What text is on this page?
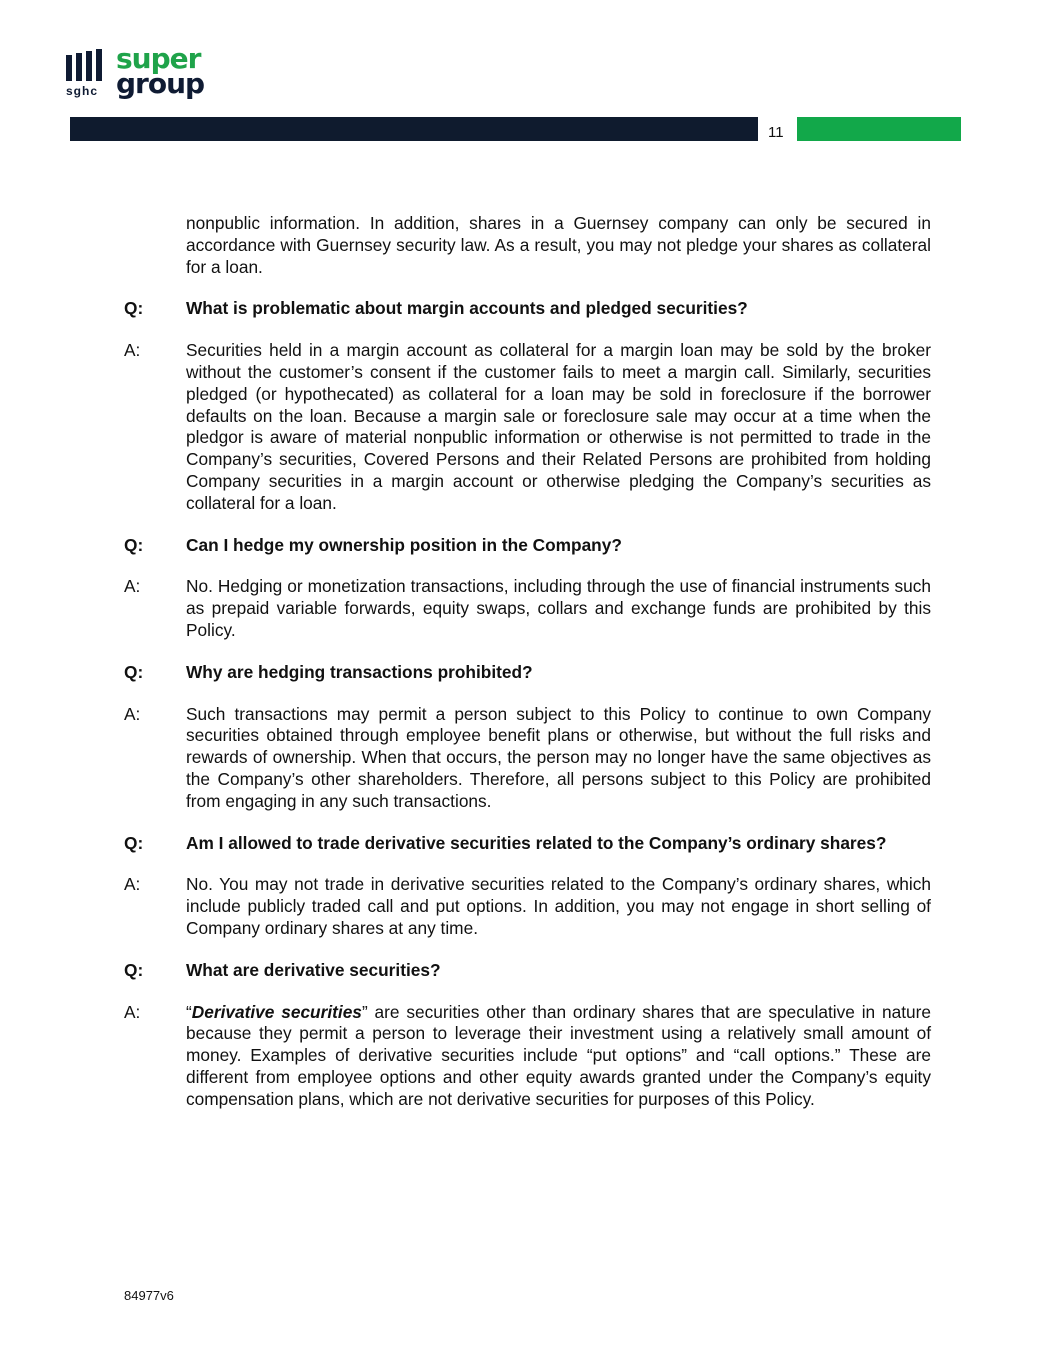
sghc
super
group
11
nonpublic information. In addition, shares in a Guernsey company can only be secured in accordance with Guernsey security law. As a result, you may not pledge your shares as collateral for a loan.
Q:	What is problematic about margin accounts and pledged securities?
A:	Securities held in a margin account as collateral for a margin loan may be sold by the broker without the customer’s consent if the customer fails to meet a margin call. Similarly, securities pledged (or hypothecated) as collateral for a loan may be sold in foreclosure if the borrower defaults on the loan. Because a margin sale or foreclosure sale may occur at a time when the pledgor is aware of material nonpublic information or otherwise is not permitted to trade in the Company’s securities, Covered Persons and their Related Persons are prohibited from holding Company securities in a margin account or otherwise pledging the Company’s securities as collateral for a loan.
Q:	Can I hedge my ownership position in the Company?
A:	No. Hedging or monetization transactions, including through the use of financial instruments such as prepaid variable forwards, equity swaps, collars and exchange funds are prohibited by this Policy.
Q:	Why are hedging transactions prohibited?
A:	Such transactions may permit a person subject to this Policy to continue to own Company securities obtained through employee benefit plans or otherwise, but without the full risks and rewards of ownership. When that occurs, the person may no longer have the same objectives as the Company’s other shareholders. Therefore, all persons subject to this Policy are prohibited from engaging in any such transactions.
Q:	Am I allowed to trade derivative securities related to the Company’s ordinary shares?
A:	No. You may not trade in derivative securities related to the Company’s ordinary shares, which include publicly traded call and put options. In addition, you may not engage in short selling of Company ordinary shares at any time.
Q:	What are derivative securities?
A:	“Derivative securities” are securities other than ordinary shares that are speculative in nature because they permit a person to leverage their investment using a relatively small amount of money. Examples of derivative securities include “put options” and “call options.” These are different from employee options and other equity awards granted under the Company’s equity compensation plans, which are not derivative securities for purposes of this Policy.
84977v6
